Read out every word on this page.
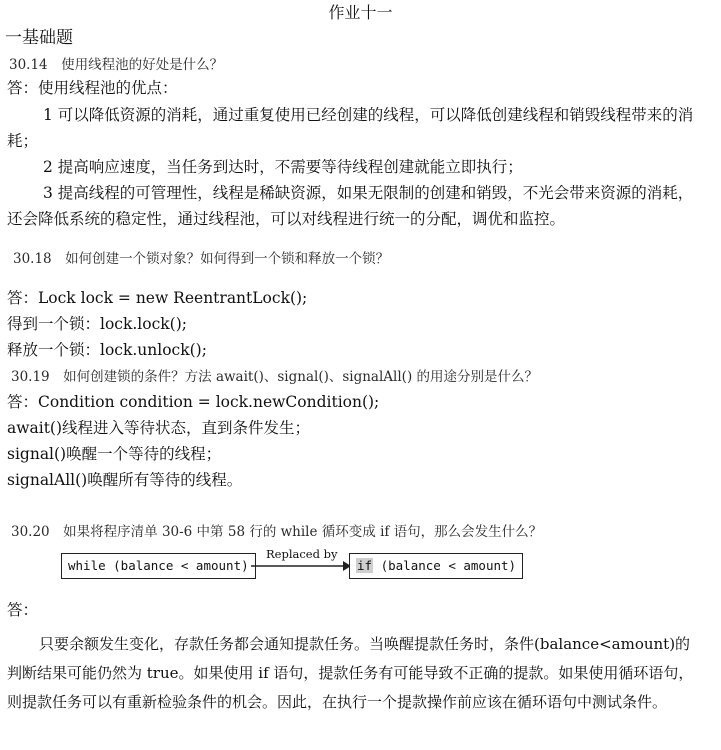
作业十一
一基础题
30.14　使用线程池的好处是什么？
答：使用线程池的优点：
1 可以降低资源的消耗，通过重复使用已经创建的线程，可以降低创建线程和销毁线程带来的消耗；
2 提高响应速度，当任务到达时，不需要等待线程创建就能立即执行；
3 提高线程的可管理性，线程是稀缺资源，如果无限制的创建和销毁，不光会带来资源的消耗，还会降低系统的稳定性，通过线程池，可以对线程进行统一的分配，调优和监控。
30.18　如何创建一个锁对象？如何得到一个锁和释放一个锁？
答：Lock lock = new ReentrantLock();
得到一个锁：lock.lock();
释放一个锁：lock.unlock();
30.19　如何创建锁的条件？方法 await()、signal()、signalAll() 的用途分别是什么？
答：Condition condition = lock.newCondition();
await()线程进入等待状态，直到条件发生；
signal()唤醒一个等待的线程；
signalAll()唤醒所有等待的线程。
30.20　如果将程序清单 30-6 中第 58 行的 while 循环变成 if 语句，那么会发生什么？
while (balance < amount)
Replaced by
if (balance < amount)
答：
只要余额发生变化，存款任务都会通知提款任务。当唤醒提款任务时，条件(balance<amount)的判断结果可能仍然为 true。如果使用 if 语句，提款任务有可能导致不正确的提款。如果使用循环语句，则提款任务可以有重新检验条件的机会。因此，在执行一个提款操作前应该在循环语句中测试条件。
